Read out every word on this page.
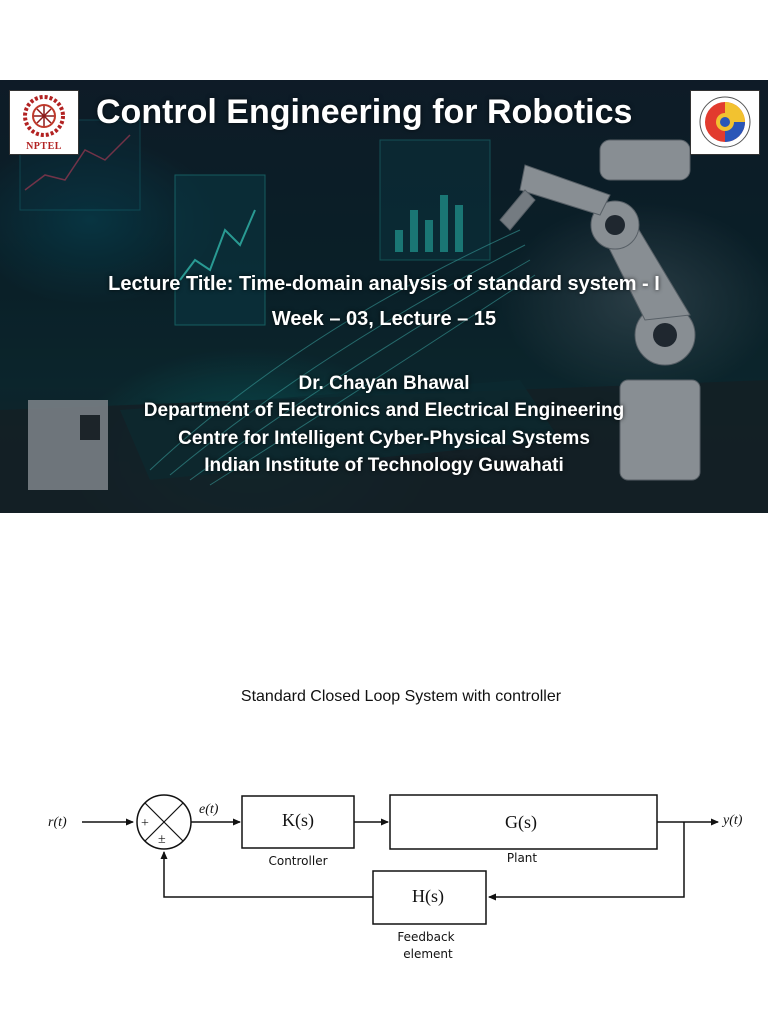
NPTEL
Control Engineering for Robotics
Lecture Title: Time-domain analysis of standard system - I
Week – 03, Lecture – 15
Dr. Chayan Bhawal
Department of Electronics and Electrical Engineering
Centre for Intelligent Cyber-Physical Systems
Indian Institute of Technology Guwahati
Standard Closed Loop System with controller
r(t)	+
±
e(t)
K(s)
Controller
G(s)
Plant
y(t)
H(s)
Feedback
element
